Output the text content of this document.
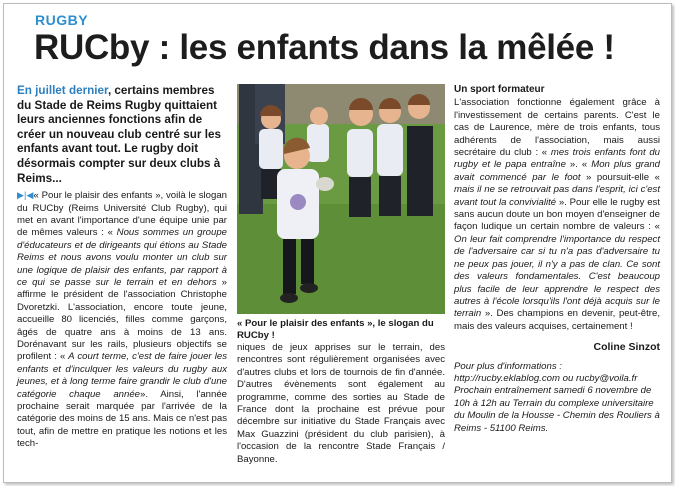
RUGBY
RUCby : les enfants dans la mêlée !
En juillet dernier, certains membres du Stade de Reims Rugby quittaient leurs anciennes fonctions afin de créer un nouveau club centré sur les enfants avant tout. Le rugby doit désormais compter sur deux clubs à Reims...

▶|◀« Pour le plaisir des enfants », voilà le slogan du RUCby (Reims Université Club Rugby), qui met en avant l'importance d'une équipe unie par de mêmes valeurs : « Nous sommes un groupe d'éducateurs et de dirigeants qui étions au Stade Reims et nous avons voulu monter un club sur une logique de plaisir des enfants, par rapport à ce qui se passe sur le terrain et en dehors » affirme le président de l'association Christophe Dvoretzki. L'association, encore toute jeune, accueille 80 licenciés, filles comme garçons, âgés de quatre ans à moins de 13 ans. Dorénavant sur les rails, plusieurs objectifs se profilent : « A court terme, c'est de faire jouer les enfants et d'inculquer les valeurs du rugby aux jeunes, et à long terme faire grandir le club d'une catégorie chaque année». Ainsi, l'année prochaine serait marquée par l'arrivée de la catégorie des moins de 15 ans. Mais ce n'est pas tout, afin de mettre en pratique les notions et les tech-

« Pour le plaisir des enfants », le slogan du RUCby !

niques de jeux apprises sur le terrain, des rencontres sont régulièrement organisées avec d'autres clubs et lors de tournois de fin d'année. D'autres évènements sont également au programme, comme des sorties au Stade de France dont la prochaine est prévue pour décembre sur initiative du Stade Français avec Max Guazzini (président du club parisien), à l'occasion de la rencontre Stade Français / Bayonne.

Un sport formateur

L'association fonctionne également grâce à l'investissement de certains parents. C'est le cas de Laurence, mère de trois enfants, tous adhérents de l'association, mais aussi secrétaire du club : « mes trois enfants font du rugby et le papa entraîne ». « Mon plus grand avait commencé par le foot » poursuit-elle « mais il ne se retrouvait pas dans l'esprit, ici c'est avant tout la convivialité ». Pour elle le rugby est sans aucun doute un bon moyen d'enseigner de façon ludique un certain nombre de valeurs : « On leur fait comprendre l'importance du respect de l'adversaire car si tu n'a pas d'adversaire tu ne peux pas jouer, il n'y a pas de clan. Ce sont des valeurs fondamentales. C'est beaucoup plus facile de leur apprendre le respect des autres à l'école lorsqu'ils l'ont déjà acquis sur le terrain ». Des champions en devenir, peut-être, mais des valeurs acquises, certainement !

Coline Sinzot

Pour plus d'informations : http://rucby.eklablog.com ou rucby@voila.fr Prochain entraînement samedi 6 novembre de 10h à 12h au Terrain du complexe universitaire du Moulin de la Housse - Chemin des Rouliers à Reims - 51100 Reims.
